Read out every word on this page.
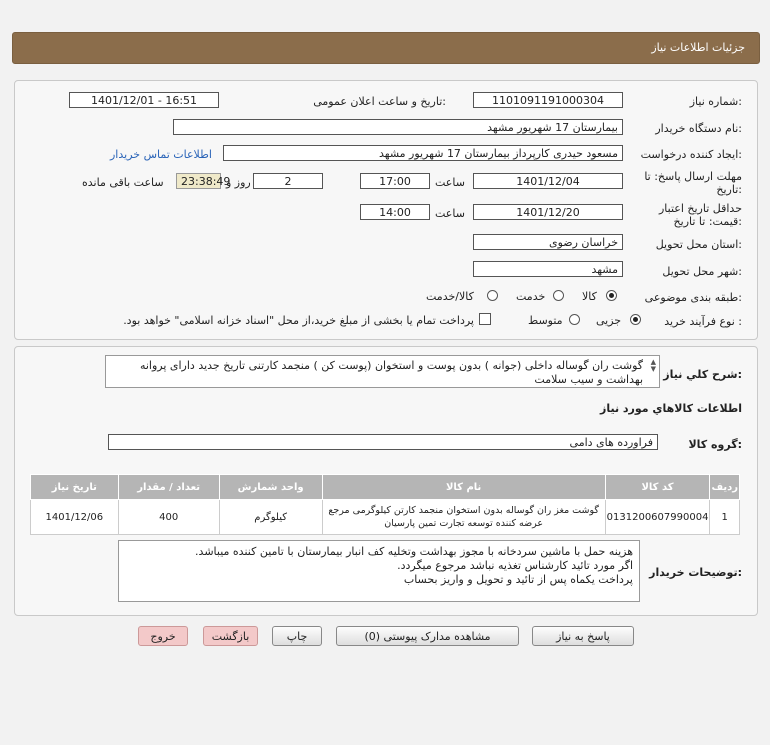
جزئیات اطلاعات نیاز
شماره نیاز:
1101091191000304
تاریخ و ساعت اعلان عمومی:
1401/12/01 - 16:51
نام دستگاه خریدار:
بیمارستان 17 شهریور مشهد
ایجاد کننده درخواست:
مسعود حیدری کارپرداز بیمارستان 17 شهریور مشهد
اطلاعات تماس خریدار
مهلت ارسال پاسخ: تا
تاریخ:
1401/12/04
ساعت
17:00
2
روز و
23:38:49
ساعت باقی مانده
حداقل تاریخ اعتبار
قیمت: تا تاریخ:
1401/12/20
ساعت
14:00
استان محل تحویل:
خراسان رضوی
شهر محل تحویل:
مشهد
طبقه بندی موضوعی:
کالا
خدمت
کالا/خدمت
نوع فرآیند خرید :
جزیی
متوسط
پرداخت تمام یا بخشی از مبلغ خرید،از محل "اسناد خزانه اسلامی" خواهد بود.
شرح کلي نياز:
گوشت ران گوساله داخلی (جوانه ) بدون پوست و استخوان (پوست کن ) منجمد کارتنی تاریخ جدید دارای پروانه بهداشت و سیب سلامت
▲
▼
اطلاعات کالاهاي مورد نياز
گروه کالا:
فراورده های دامی
ردیف	کد کالا	نام کالا	واحد شمارش	تعداد / مقدار	تاریخ نیاز
1	0131200607990004	گوشت مغز ران گوساله بدون استخوان منجمد کارتن کیلوگرمی مرجع عرضه کننده توسعه تجارت تمین پارسیان	کیلوگرم	400	1401/12/06
توضیحات خریدار:
هزینه حمل با ماشین سردخانه با مجوز بهداشت وتخلیه کف انبار بیمارستان با تامین کننده میباشد.
اگر مورد تائید کارشناس تغذیه نباشد مرجوع میگردد.
پرداخت یکماه پس از تائید و تحویل و واریز بحساب
پاسخ به نیاز
مشاهده مدارک پیوستی (0)
چاپ
بازگشت
خروج
